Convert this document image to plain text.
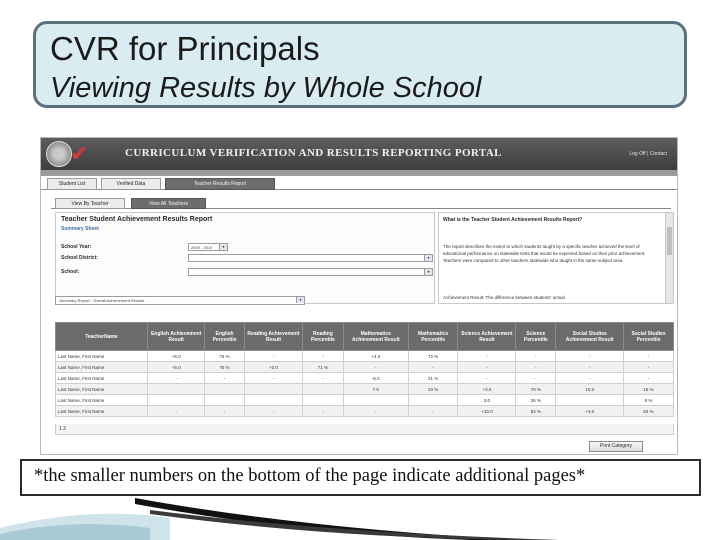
CVR for Principals
Viewing Results by Whole School
✔	CURRICULUM VERIFICATION AND RESULTS REPORTING PORTAL	Log Off | Contact
Student List	Verified Data	Teacher Results Report
View By Teacher	View All Teachers
Teacher Student Achievement Results Report
Summary Sheet
School Year:	2009 - 2010	▾
School District:	▾
School:	▾
-Summary Report - Overall Achievement Results	▾
What is the Teacher Student Achievement Results Report?
The report describes the extent to which students taught by a specific teacher achieved the level of educational performance on statewide tests that would be expected based on their prior achievement. Teachers were compared to other teachers statewide who taught in the same subject area.
Achievement Result: The difference between students' actual
TeacherName	English Achievement Result	English Percentile	Reading Achievement Result	Reading Percentile	Mathematics Achievement Result	Mathematics Percentile	Science Achievement Result	Science Percentile	Social Studies Achievement Result	Social Studies Percentile
Last Name, First Name	+5.0	75 %	-	-	+4.0	72 %	-	-	-	-
Last Name, First Name	+5.0	75 %	+3.0	71 %	-	-	-	-	-	-
Last Name, First Name	-	-	-	-	-6.0	21 %	-	-	-	-
Last Name, First Name					7.0	23 %	+3.0	70 %	10.0	16 %
Last Name, First Name							3.0	36 %		8 %
Last Name, First Name	-	-	-	-	-	-	+10.0	84 %	+4.0	64 %
1 2
Print Category
*the smaller numbers on the bottom of the page indicate additional pages*
